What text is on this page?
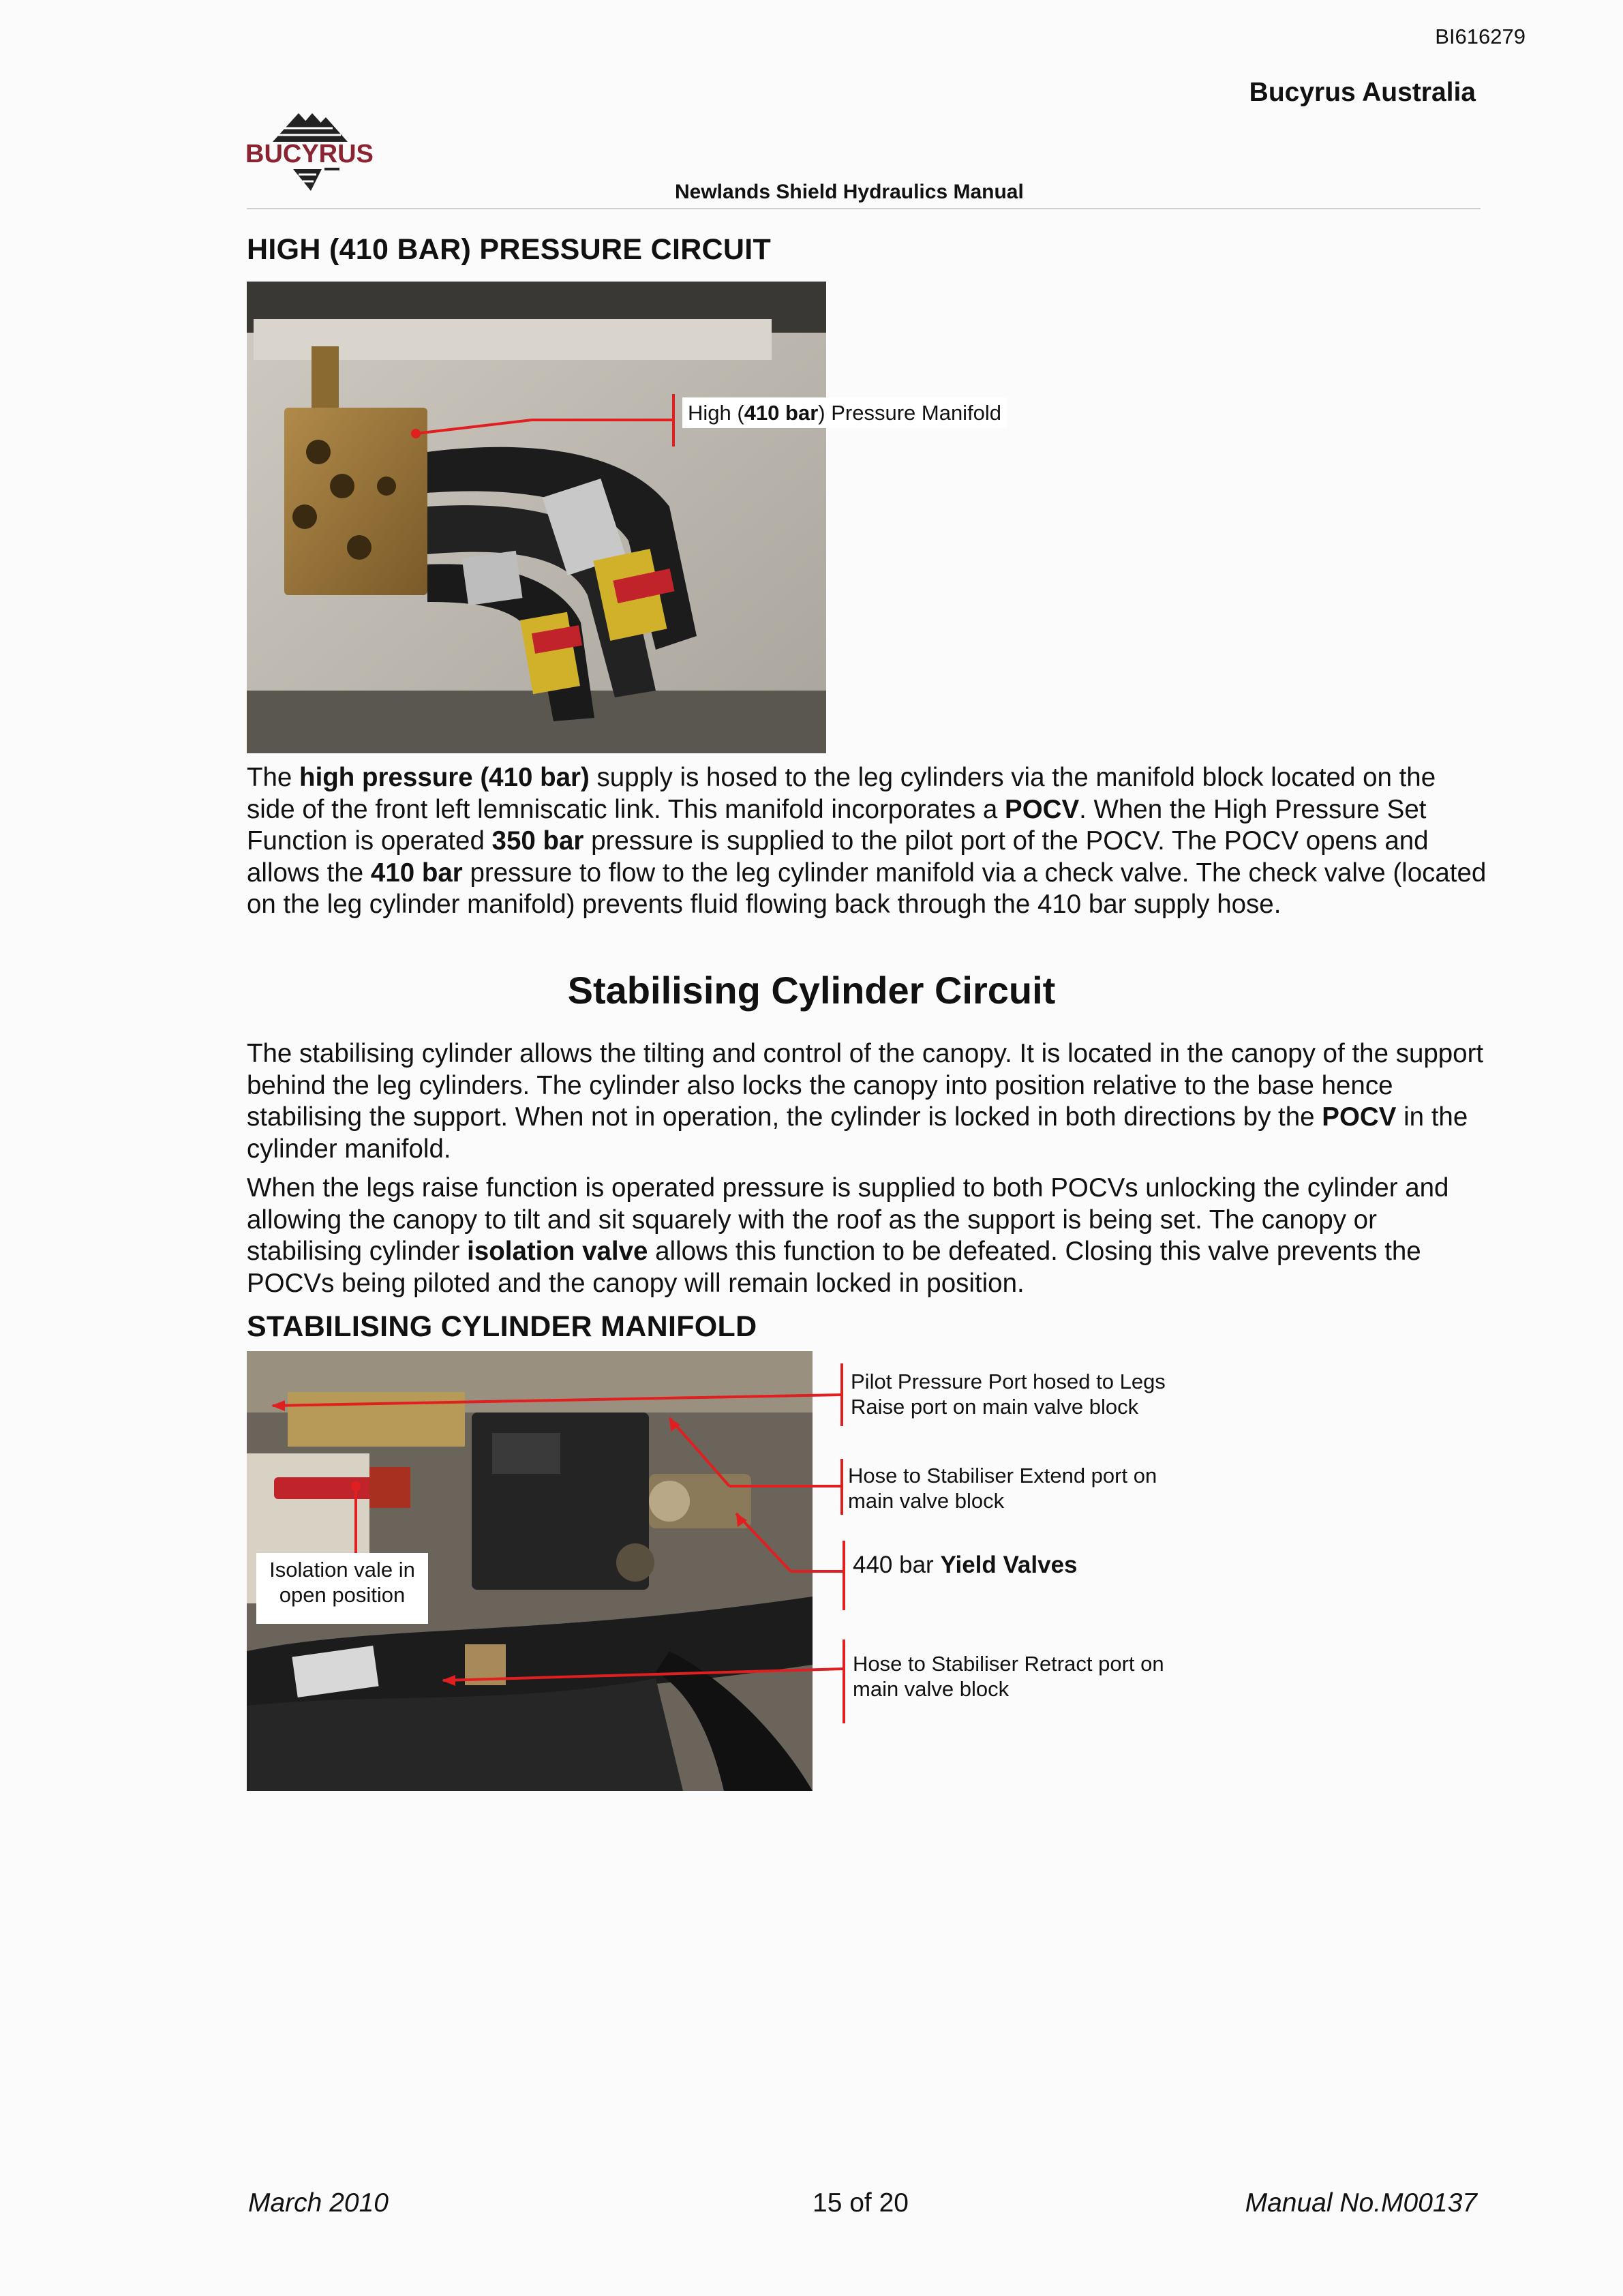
BI616279
Bucyrus Australia
BUCYRUS
Newlands Shield Hydraulics Manual
HIGH (410 BAR) PRESSURE CIRCUIT
High (410 bar) Pressure Manifold
The high pressure (410 bar) supply is hosed to the leg cylinders via the manifold block located on the side of the front left lemniscatic link. This manifold incorporates a POCV. When the High Pressure Set Function is operated 350 bar pressure is supplied to the pilot port of the POCV. The POCV opens and allows the 410 bar pressure to flow to the leg cylinder manifold via a check valve. The check valve (located on the leg cylinder manifold) prevents fluid flowing back through the 410 bar supply hose.
Stabilising Cylinder Circuit
The stabilising cylinder allows the tilting and control of the canopy. It is located in the canopy of the support behind the leg cylinders. The cylinder also locks the canopy into position relative to the base hence stabilising the support. When not in operation, the cylinder is locked in both directions by the POCV in the cylinder manifold.
When the legs raise function is operated pressure is supplied to both POCVs unlocking the cylinder and allowing the canopy to tilt and sit squarely with the roof as the support is being set. The canopy or stabilising cylinder isolation valve allows this function to be defeated. Closing this valve prevents the POCVs being piloted and the canopy will remain locked in position.
STABILISING CYLINDER MANIFOLD
Pilot Pressure Port hosed to Legs Raise port on main valve block
Hose to Stabiliser Extend port on main valve block
440 bar Yield Valves
Hose to Stabiliser Retract port on main valve block
Isolation vale in open position
March 2010	15 of 20	Manual No.M00137
